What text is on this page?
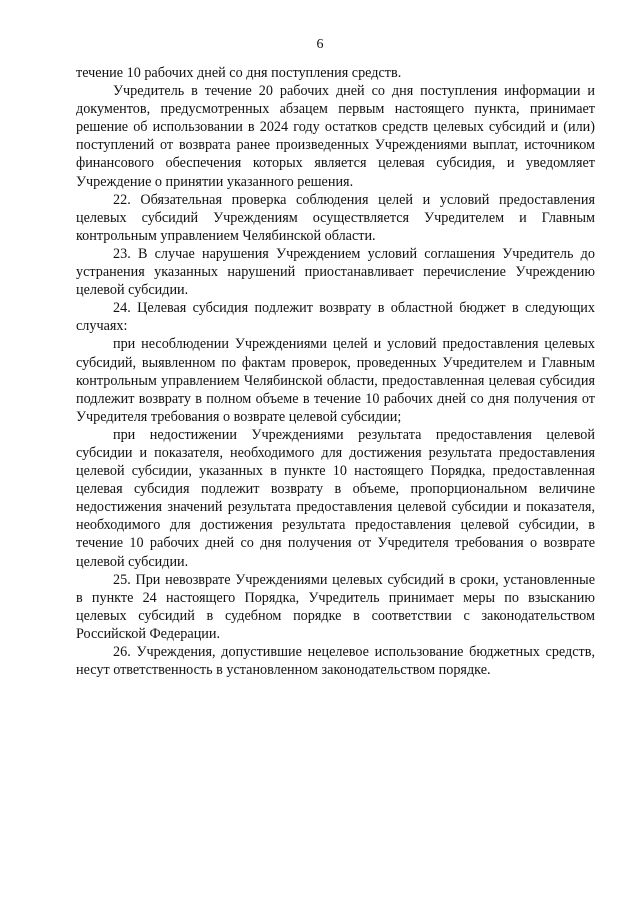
6

течение 10 рабочих дней со дня поступления средств.

Учредитель в течение 20 рабочих дней со дня поступления информации и документов, предусмотренных абзацем первым настоящего пункта, принимает решение об использовании в 2024 году остатков средств целевых субсидий и (или) поступлений от возврата ранее произведенных Учреждениями выплат, источником финансового обеспечения которых является целевая субсидия, и уведомляет Учреждение о принятии указанного решения.

22. Обязательная проверка соблюдения целей и условий предоставления целевых субсидий Учреждениям осуществляется Учредителем и Главным контрольным управлением Челябинской области.

23. В случае нарушения Учреждением условий соглашения Учредитель до устранения указанных нарушений приостанавливает перечисление Учреждению целевой субсидии.

24. Целевая субсидия подлежит возврату в областной бюджет в следующих случаях:

при несоблюдении Учреждениями целей и условий предоставления целевых субсидий, выявленном по фактам проверок, проведенных Учредителем и Главным контрольным управлением Челябинской области, предоставленная целевая субсидия подлежит возврату в полном объеме в течение 10 рабочих дней со дня получения от Учредителя требования о возврате целевой субсидии;

при недостижении Учреждениями результата предоставления целевой субсидии и показателя, необходимого для достижения результата предоставления целевой субсидии, указанных в пункте 10 настоящего Порядка, предоставленная целевая субсидия подлежит возврату в объеме, пропорциональном величине недостижения значений результата предоставления целевой субсидии и показателя, необходимого для достижения результата предоставления целевой субсидии, в течение 10 рабочих дней со дня получения от Учредителя требования о возврате целевой субсидии.

25. При невозврате Учреждениями целевых субсидий в сроки, установленные в пункте 24 настоящего Порядка, Учредитель принимает меры по взысканию целевых субсидий в судебном порядке в соответствии с законодательством Российской Федерации.

26. Учреждения, допустившие нецелевое использование бюджетных средств, несут ответственность в установленном законодательством порядке.
